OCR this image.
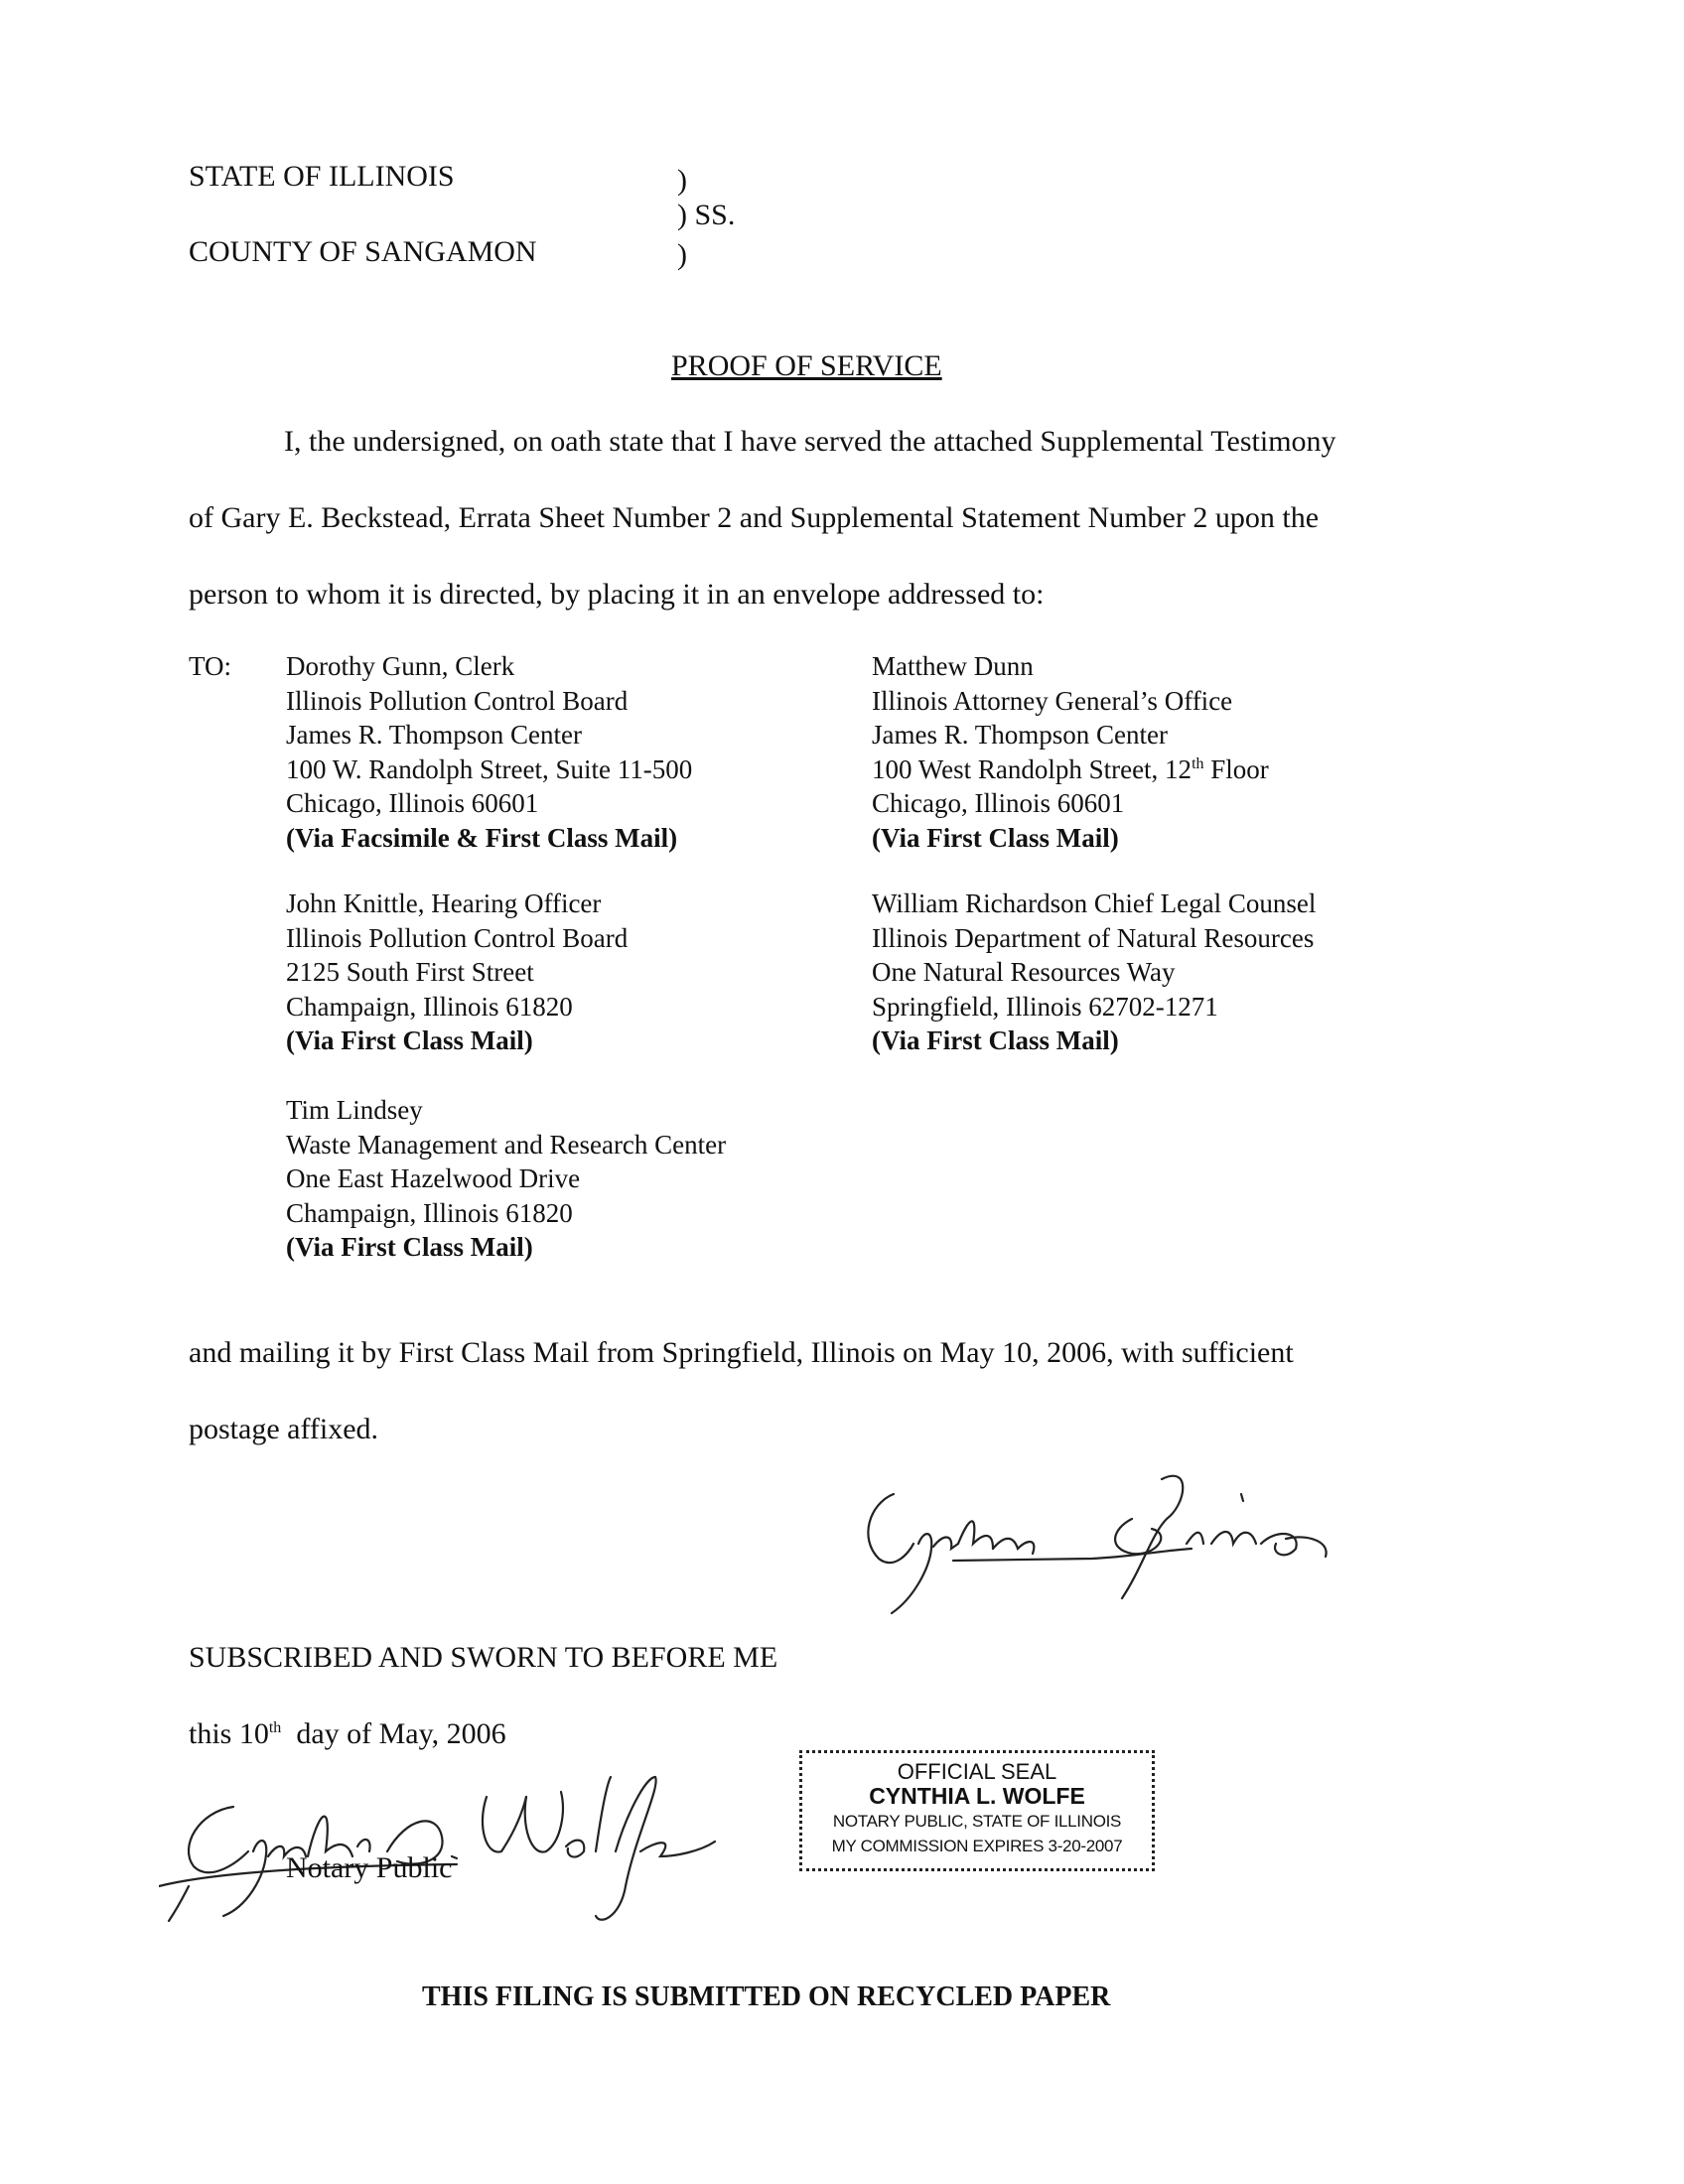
STATE OF ILLINOIS
COUNTY OF SANGAMON
)
) SS.
)
PROOF OF SERVICE
I, the undersigned, on oath state that I have served the attached Supplemental Testimony
of Gary E. Beckstead, Errata Sheet Number 2 and Supplemental Statement Number 2 upon the
person to whom it is directed, by placing it in an envelope addressed to:
TO: Dorothy Gunn, Clerk
Illinois Pollution Control Board
James R. Thompson Center
100 W. Randolph Street, Suite 11-500
Chicago, Illinois 60601
(Via Facsimile & First Class Mail)
Matthew Dunn
Illinois Attorney General’s Office
James R. Thompson Center
100 West Randolph Street, 12th Floor
Chicago, Illinois 60601
(Via First Class Mail)
John Knittle, Hearing Officer
Illinois Pollution Control Board
2125 South First Street
Champaign, Illinois 61820
(Via First Class Mail)
William Richardson Chief Legal Counsel
Illinois Department of Natural Resources
One Natural Resources Way
Springfield, Illinois 62702-1271
(Via First Class Mail)
Tim Lindsey
Waste Management and Research Center
One East Hazelwood Drive
Champaign, Illinois 61820
(Via First Class Mail)
and mailing it by First Class Mail from Springfield, Illinois on May 10, 2006, with sufficient
postage affixed.
SUBSCRIBED AND SWORN TO BEFORE ME
this 10th  day of May, 2006
Notary Public
OFFICIAL SEAL
CYNTHIA L. WOLFE
NOTARY PUBLIC, STATE OF ILLINOIS
MY COMMISSION EXPIRES 3-20-2007
THIS FILING IS SUBMITTED ON RECYCLED PAPER
